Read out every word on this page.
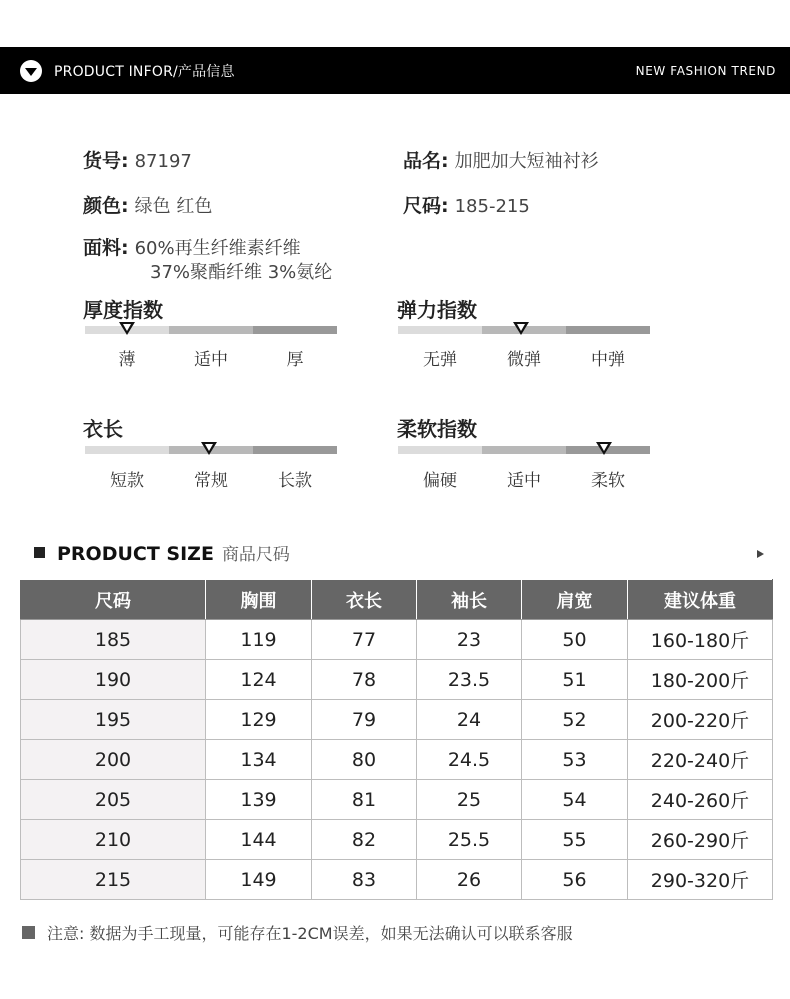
PRODUCT INFOR/产品信息	NEW FASHION TREND
货号: 87197	品名: 加肥加大短袖衬衫
颜色: 绿色 红色	尺码: 185-215
面料: 60%再生纤维素纤维
37%聚酯纤维 3%氨纶
厚度指数
薄	适中	厚
弹力指数
无弹	微弹	中弹
衣长
短款	常规	长款
柔软指数
偏硬	适中	柔软
PRODUCT SIZE 商品尺码
尺码	胸围	衣长	袖长	肩宽	建议体重
185	119	77	23	50	160-180斤
190	124	78	23.5	51	180-200斤
195	129	79	24	52	200-220斤
200	134	80	24.5	53	220-240斤
205	139	81	25	54	240-260斤
210	144	82	25.5	55	260-290斤
215	149	83	26	56	290-320斤
注意: 数据为手工现量，可能存在1-2CM误差，如果无法确认可以联系客服
